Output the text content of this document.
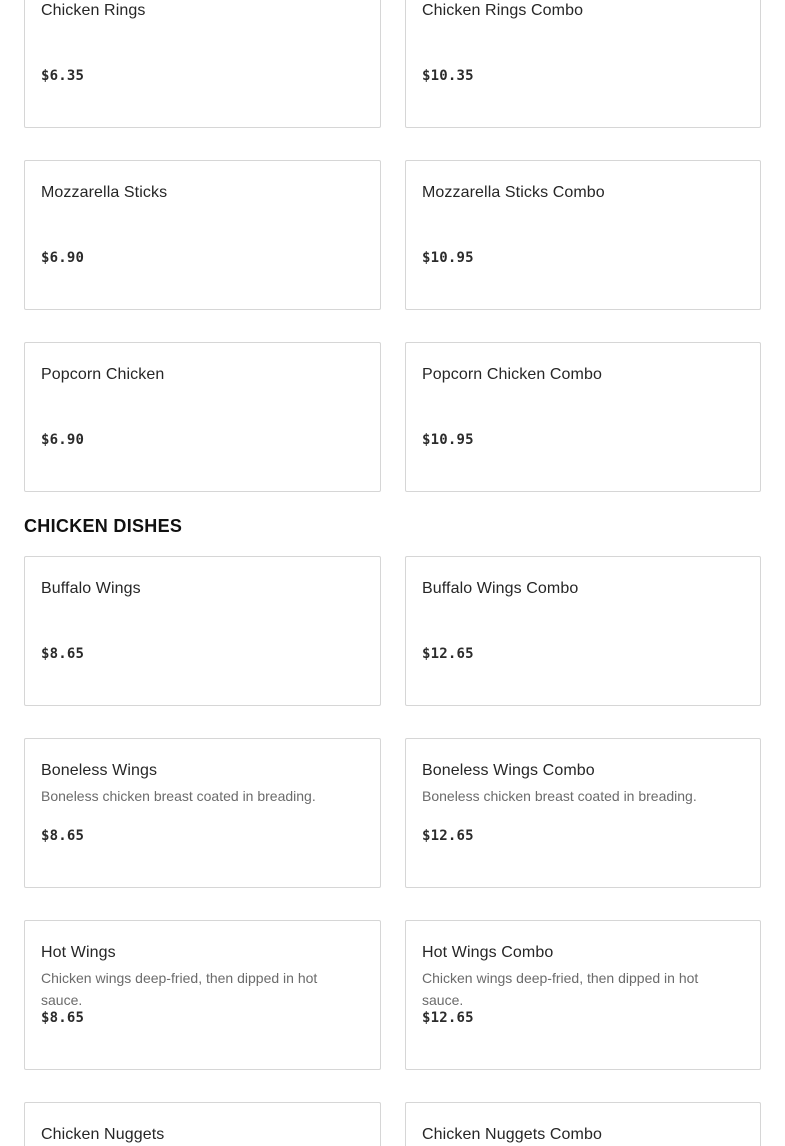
Chicken Rings
$6.35
Chicken Rings Combo
$10.35
Mozzarella Sticks
$6.90
Mozzarella Sticks Combo
$10.95
Popcorn Chicken
$6.90
Popcorn Chicken Combo
$10.95
CHICKEN DISHES
Buffalo Wings
$8.65
Buffalo Wings Combo
$12.65
Boneless Wings
Boneless chicken breast coated in breading.
$8.65
Boneless Wings Combo
Boneless chicken breast coated in breading.
$12.65
Hot Wings
Chicken wings deep-fried, then dipped in hot sauce.
$8.65
Hot Wings Combo
Chicken wings deep-fried, then dipped in hot sauce.
$12.65
Chicken Nuggets	Chicken Nuggets Combo
